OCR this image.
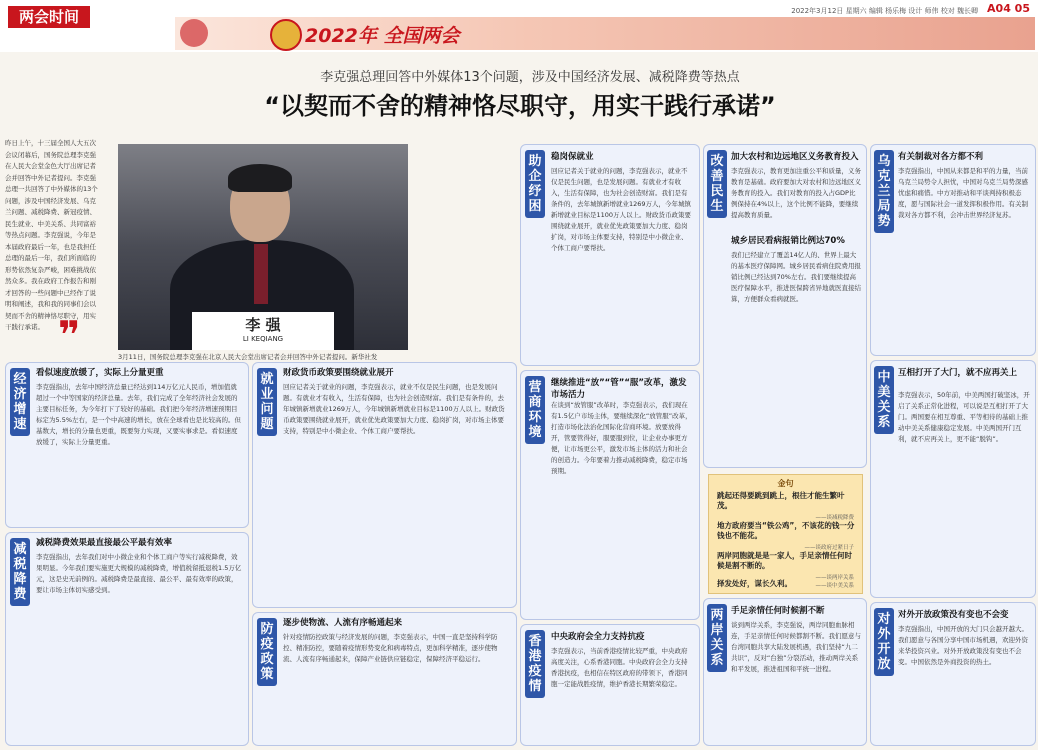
两会时间	2022年3月12日 星期六 编辑 杨乐梅 设计 师伟 校对 魏长卿 A04 05
2022年 全国两会
李克强总理回答中外媒体13个问题，涉及中国经济发展、减税降费等热点
“以契而不舍的精神恪尽职守，用实干践行承诺”
昨日上午，十三届全国人大五次会议闭幕后，国务院总理李克强在人民大会堂金色大厅出席记者会并回答中外记者提问。李克强总理一共回答了中外媒体的13个问题，涉及中国经济发展、乌克兰问题、减税降费、新冠疫情、民生就业、中美关系、共同富裕等热点问题。李克强说，今年是本届政府最后一年，也是我担任总理的最后一年，我们所面临的形势依然复杂严峻，困难挑战依然众多。我在政府工作报告和刚才回答的一些问题中已经作了说明和阐述，我和我的同事们会以契而不舍的精神恪尽职守，用实干践行承诺。 ❞	李 强
LI KEQIANG
3月11日，国务院总理李克强在北京人民大会堂出席记者会并回答中外记者提问。新华社发
经济增速
看似速度放缓了，实际上分量更重
李克强指出，去年中国经济总量已经达到114万亿元人民币，增加值就超过一个中等国家的经济总量。去年，我们完成了全年经济社会发展的主要目标任务，为今年打下了较好的基础。我们把今年经济增速预期目标定为5.5%左右，是一个中高速的增长，放在全球看也是比较高的。但基数大，增长的分量也更重，既要努力实现，又要实事求是。看似速度放缓了，实际上分量更重。
就业问题
财政货币政策要围绕就业展开
回应记者关于就业的问题，李克强表示，就业不仅是民生问题，也是发展问题。有就业才有收入，生活有保障，也为社会创造财富。我们是有条件的，去年城镇新增就业1269万人，今年城镇新增就业目标是1100万人以上。财政货币政策要围绕就业展开，就业优先政策要加大力度、稳岗扩岗，对市场主体要支持，特别是中小微企业、个体工商户要帮扶。
减税降费
减税降费效果最直接最公平最有效率
李克强指出，去年我们对中小微企业和个体工商户等实行减税降费，效果明显。今年我们要实施更大规模的减税降费，增值税留抵退税1.5万亿元，这是史无前例的。减税降费是最直接、最公平、最有效率的政策，要让市场主体切实感受到。
防疫政策
逐步使物流、人流有序畅通起来
针对疫情防控政策与经济发展的问题，李克强表示，中国一直是坚持科学防控、精准防控，要随着疫情形势变化和病毒特点，更加科学精准，逐步使物流、人流有序畅通起来，保障产业链供应链稳定，保障经济平稳运行。
助企纾困
稳岗保就业
回应记者关于就业的问题，李克强表示，就业不仅是民生问题，也是发展问题。有就业才有收入，生活有保障，也为社会创造财富。我们是有条件的，去年城镇新增就业1269万人，今年城镇新增就业目标是1100万人以上。财政货币政策要围绕就业展开，就业优先政策要加大力度、稳岗扩岗，对市场主体要支持，特别是中小微企业、个体工商户要帮扶。
营商环境
继续推进“放”“管”“服”改革，激发市场活力
在谈到“放管服”改革时，李克强表示，我们现在有1.5亿户市场主体，要继续深化“放管服”改革，打造市场化法治化国际化营商环境。放要放得开，管要管得好，服要服到位，让企业办事更方便，让市场更公平，激发市场主体的活力和社会的创造力。今年要着力推动减税降费，稳定市场预期。
香港疫情
中央政府会全力支持抗疫
李克强表示，当前香港疫情比较严重，中央政府高度关注，心系香港同胞。中央政府会全力支持香港抗疫，也相信在特区政府的带领下，香港同胞一定能战胜疫情，维护香港长期繁荣稳定。
改善民生
加大农村和边远地区义务教育投入
李克强表示，教育更加注重公平和质量，义务教育是基础。政府要加大对农村和边远地区义务教育的投入。我们对教育的投入占GDP比例保持在4%以上，这个比例不能降，要继续提高教育质量。
城乡居民看病报销比例达70%
我们已经建立了覆盖14亿人的、世界上最大的基本医疗保障网。城乡居民看病住院费用报销比例已经达到70%左右。我们要继续提高医疗保障水平，推进医保跨省异地就医直接结算，方便群众看病就医。
金句
跳起还得要跳到跳上，根往才能生繁叶茂。
——谈减税降费
地方政府要当“铁公鸡”，不该花的钱一分钱也不能花。
——谈政府过紧日子
两岸同胞就是是一家人，手足亲情任何时候是割不断的。
——谈两岸关系
择发处好，谋长久利。	——谈中美关系
两岸关系
手足亲情任何时候割不断
谈到两岸关系，李克强说，两岸同胞血脉相连，手足亲情任何时候都割不断。我们愿意与台湾同胞共享大陆发展机遇，我们坚持“九二共识”，反对“台独”分裂活动，推动两岸关系和平发展，推进祖国和平统一进程。
乌克兰局势
有关制裁对各方都不利
李克强指出，中国从来都是和平的力量，当前乌克兰局势令人担忧，中国对乌克兰局势深感忧虑和痛惜。中方对推动和平谈判持积极态度，愿与国际社会一道发挥积极作用。有关制裁对各方都不利，会冲击世界经济复苏。
中美关系
互相打开了大门，就不应再关上
李克强表示，50年前，中美两国打破坚冰，开启了关系正常化进程，可以说是互相打开了大门。两国要在相互尊重、平等相待的基础上推动中美关系健康稳定发展。中美两国开门互利，就不应再关上，更不能“脱钩”。
对外开放
对外开放政策没有变也不会变
李克强指出，中国开放的大门只会越开越大。我们愿意与各国分享中国市场机遇，欢迎外资来华投资兴业。对外开放政策没有变也不会变。中国依然是外商投资的热土。
